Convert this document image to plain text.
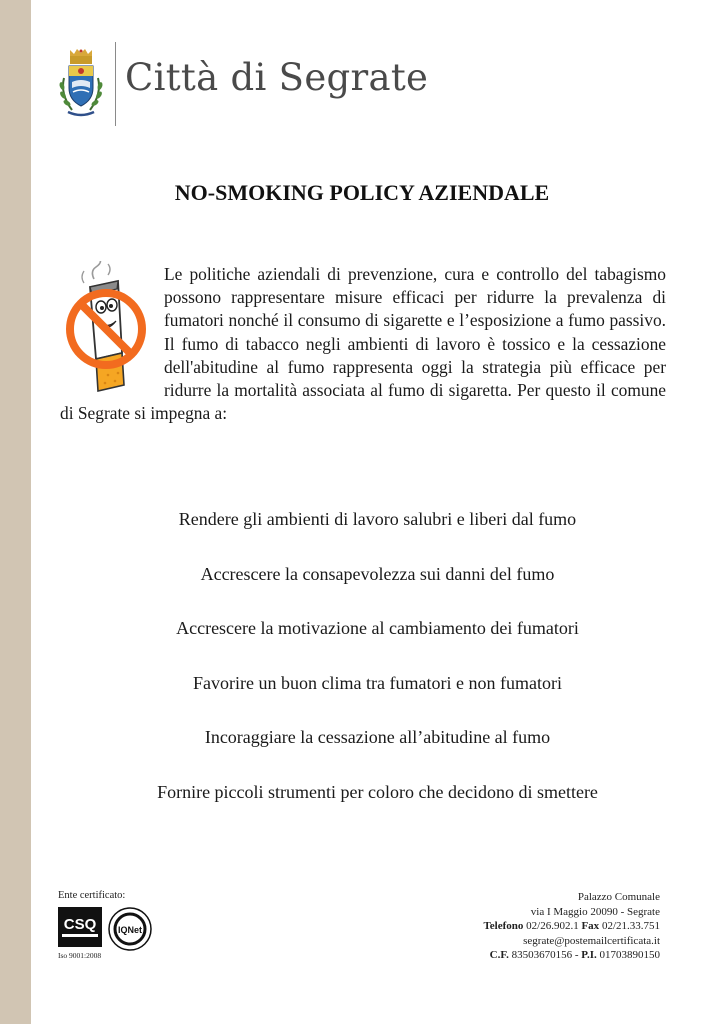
Città di Segrate
NO-SMOKING POLICY AZIENDALE
Le politiche aziendali di prevenzione, cura e controllo del tabagismo possono rappresentare misure efficaci per ridurre la prevalenza di fumatori nonché il consumo di sigarette e l’esposizione a fumo passivo. Il fumo di tabacco negli ambienti di lavoro è tossico e la cessazione dell'abitudine al fumo rappresenta oggi la strategia più efficace per ridurre la mortalità associata al fumo di sigaretta. Per questo il comune di Segrate si impegna a:
Rendere gli ambienti di lavoro salubri e liberi dal fumo
Accrescere la consapevolezza sui danni del fumo
Accrescere la motivazione al cambiamento dei fumatori
Favorire un buon clima tra fumatori e non fumatori
Incoraggiare la cessazione all’abitudine al fumo
Fornire piccoli strumenti per coloro che decidono di smettere
Ente certificato:
CSQ IQNet
Iso 9001:2008
Palazzo Comunale
via I Maggio 20090 - Segrate
Telefono 02/26.902.1 Fax 02/21.33.751
segrate@postemailcertificata.it
C.F. 83503670156 - P.I. 01703890150
